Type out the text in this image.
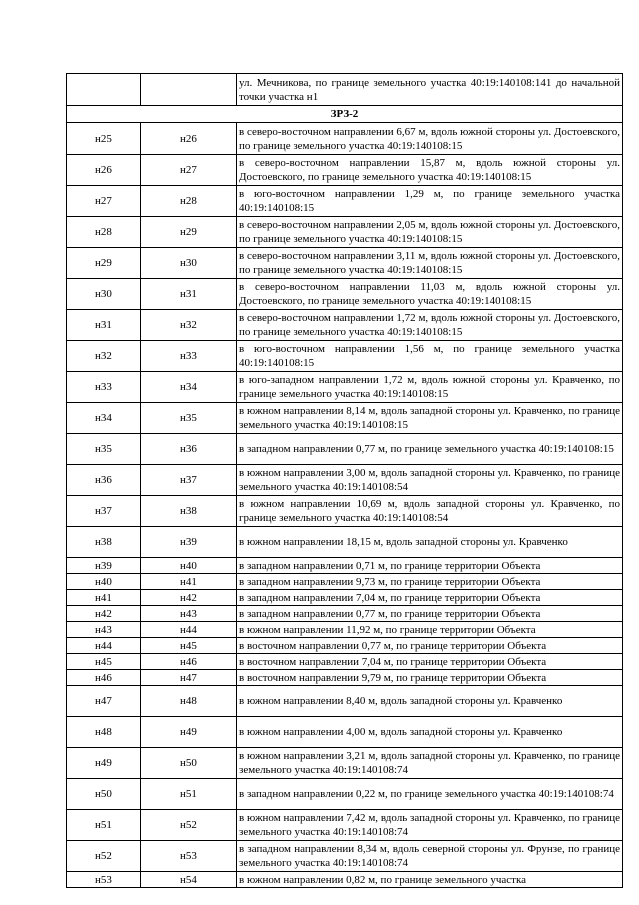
		ул. Мечникова, по границе земельного участка 40:19:140108:141 до начальной точки участка н1
ЗРЗ-2		
н25	н26	в северо-восточном направлении 6,67 м, вдоль южной стороны ул. Достоевского, по границе земельного участка 40:19:140108:15
н26	н27	в северо-восточном направлении 15,87 м, вдоль южной стороны ул. Достоевского, по границе земельного участка 40:19:140108:15
н27	н28	в юго-восточном направлении 1,29 м, по границе земельного участка 40:19:140108:15
н28	н29	в северо-восточном направлении 2,05 м, вдоль южной стороны ул. Достоевского, по границе земельного участка 40:19:140108:15
н29	н30	в северо-восточном направлении 3,11 м, вдоль южной стороны ул. Достоевского, по границе земельного участка 40:19:140108:15
н30	н31	в северо-восточном направлении 11,03 м, вдоль южной стороны ул. Достоевского, по границе земельного участка 40:19:140108:15
н31	н32	в северо-восточном направлении 1,72 м, вдоль южной стороны ул. Достоевского, по границе земельного участка 40:19:140108:15
н32	н33	в юго-восточном направлении 1,56 м, по границе земельного участка 40:19:140108:15
н33	н34	в юго-западном направлении 1,72 м, вдоль южной стороны ул. Кравченко, по границе земельного участка 40:19:140108:15
н34	н35	в южном направлении 8,14 м, вдоль западной стороны ул. Кравченко, по границе земельного участка 40:19:140108:15
н35	н36	в западном направлении 0,77 м, по границе земельного участка 40:19:140108:15
н36	н37	в южном направлении 3,00 м, вдоль западной стороны ул. Кравченко, по границе земельного участка 40:19:140108:54
н37	н38	в южном направлении 10,69 м, вдоль западной стороны ул. Кравченко, по границе земельного участка 40:19:140108:54
н38	н39	в южном направлении 18,15 м, вдоль западной стороны ул. Кравченко
н39	н40	в западном направлении 0,71 м, по границе территории Объекта
н40	н41	в западном направлении 9,73 м, по границе территории Объекта
н41	н42	в западном направлении 7,04 м, по границе территории Объекта
н42	н43	в западном направлении 0,77 м, по границе территории Объекта
н43	н44	в южном направлении 11,92 м, по границе территории Объекта
н44	н45	в восточном направлении 0,77 м, по границе территории Объекта
н45	н46	в восточном направлении 7,04 м, по границе территории Объекта
н46	н47	в восточном направлении 9,79 м, по границе территории Объекта
н47	н48	в южном направлении 8,40 м, вдоль западной стороны ул. Кравченко
н48	н49	в южном направлении 4,00 м, вдоль западной стороны ул. Кравченко
н49	н50	в южном направлении 3,21 м, вдоль западной стороны ул. Кравченко, по границе земельного участка 40:19:140108:74
н50	н51	в западном направлении 0,22 м, по границе земельного участка 40:19:140108:74
н51	н52	в южном направлении 7,42 м, вдоль западной стороны ул. Кравченко, по границе земельного участка 40:19:140108:74
н52	н53	в западном направлении 8,34 м, вдоль северной стороны ул. Фрунзе, по границе земельного участка 40:19:140108:74
н53	н54	в южном направлении 0,82 м, по границе земельного участка
